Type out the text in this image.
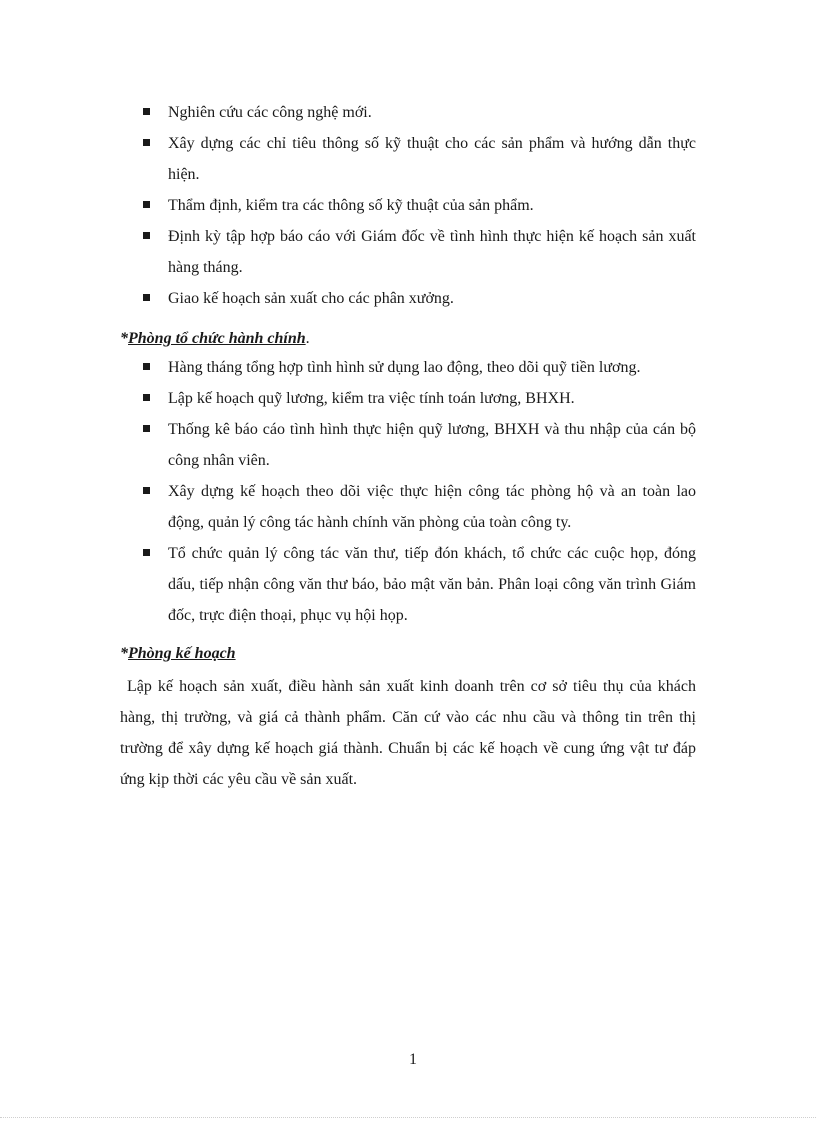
Nghiên cứu các công nghệ mới.
Xây dựng các chỉ tiêu thông số kỹ thuật cho các sản phẩm và hướng dẫn thực hiện.
Thẩm định, kiểm tra các thông số kỹ thuật của sản phẩm.
Định kỳ tập hợp báo cáo với Giám đốc về tình hình thực hiện kế hoạch sản xuất hàng tháng.
Giao kế hoạch sản xuất cho các phân xưởng.
*Phòng tổ chức hành chính.
Hàng tháng tổng hợp tình hình sử dụng lao động, theo dõi quỹ tiền lương.
Lập kế hoạch quỹ lương, kiểm tra việc tính toán lương, BHXH.
Thống kê báo cáo tình hình thực hiện quỹ lương, BHXH và thu nhập của cán bộ công nhân viên.
Xây dựng kế hoạch theo dõi việc thực hiện công tác phòng hộ và an toàn lao động, quản lý công tác hành chính văn phòng của toàn công ty.
Tổ chức quản lý công tác văn thư, tiếp đón khách, tổ chức các cuộc họp, đóng dấu, tiếp nhận công văn thư báo, bảo mật văn bản. Phân loại công văn trình Giám đốc, trực điện thoại, phục vụ hội họp.
*Phòng kế hoạch

Lập kế hoạch sản xuất, điều hành sản xuất kinh doanh trên cơ sở tiêu thụ của khách hàng, thị trường, và giá cả thành phẩm. Căn cứ vào các nhu cầu và thông tin trên thị trường để xây dựng kế hoạch giá thành. Chuẩn bị các kế hoạch về cung ứng vật tư đáp ứng kịp thời các yêu cầu về sản xuất.

1
